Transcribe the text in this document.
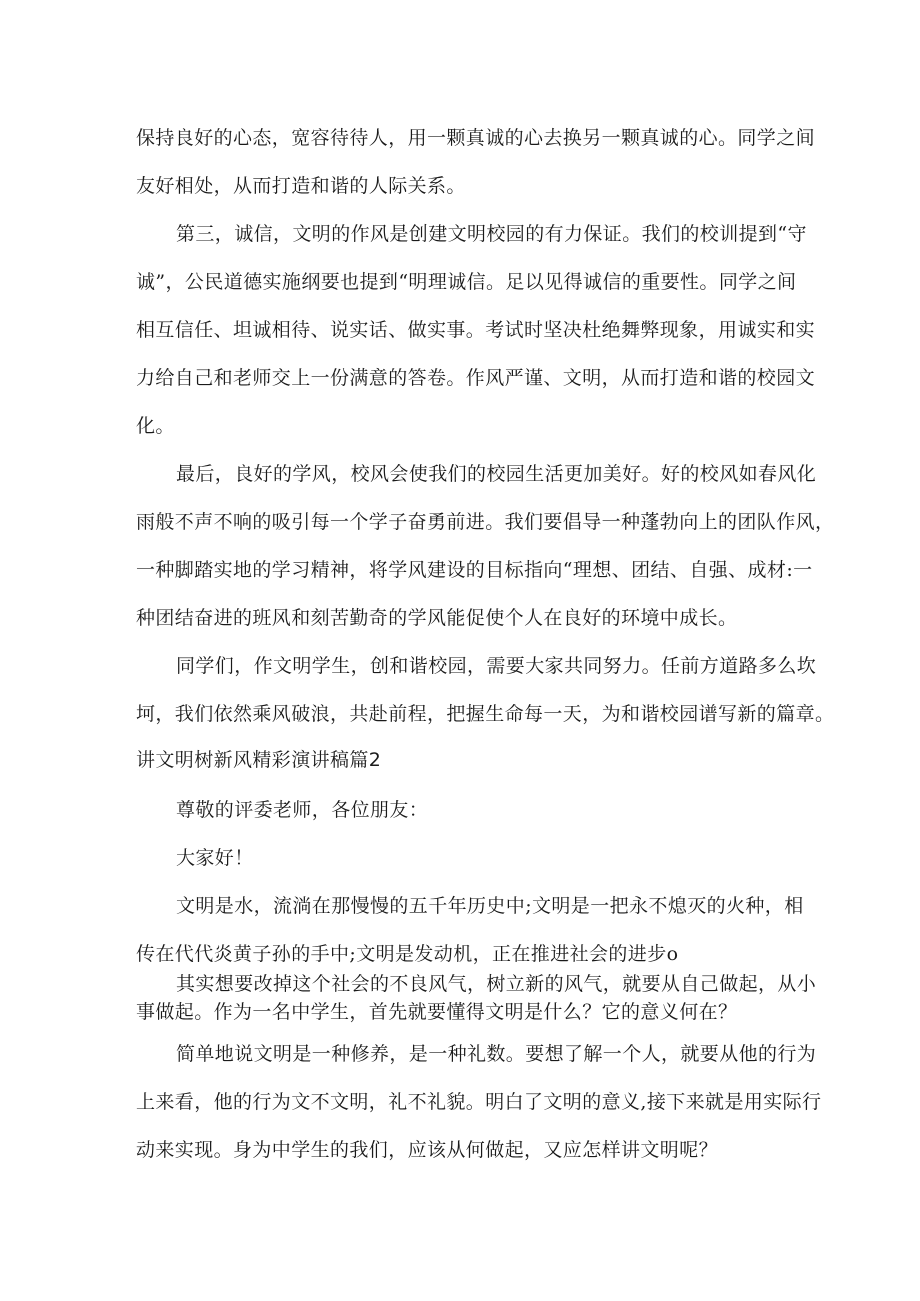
保持良好的心态，宽容待待人，用一颗真诚的心去换另一颗真诚的心。同学之间
友好相处，从而打造和谐的人际关系。
第三，诚信，文明的作风是创建文明校园的有力保证。我们的校训提到“守
诚”，公民道德实施纲要也提到“明理诚信。足以见得诚信的重要性。同学之间
相互信任、坦诚相待、说实话、做实事。考试时坚决杜绝舞弊现象，用诚实和实
力给自己和老师交上一份满意的答卷。作风严谨、文明，从而打造和谐的校园文
化。
最后，良好的学风，校风会使我们的校园生活更加美好。好的校风如春风化
雨般不声不响的吸引每一个学子奋勇前进。我们要倡导一种蓬勃向上的团队作风，
一种脚踏实地的学习精神，将学风建设的目标指向“理想、团结、自强、成材:一
种团结奋进的班风和刻苦勤奇的学风能促使个人在良好的环境中成长。
同学们，作文明学生，创和谐校园，需要大家共同努力。任前方道路多么坎
坷，我们依然乘风破浪，共赴前程，把握生命每一天，为和谐校园谱写新的篇章。
讲文明树新风精彩演讲稿篇2
尊敬的评委老师，各位朋友：
大家好！
文明是水，流淌在那慢慢的五千年历史中;文明是一把永不熄灭的火种，相
传在代代炎黄子孙的手中;文明是发动机，正在推进社会的进步o
其实想要改掉这个社会的不良风气，树立新的风气，就要从自己做起，从小
事做起。作为一名中学生，首先就要懂得文明是什么？它的意义何在？
简单地说文明是一种修养，是一种礼数。要想了解一个人，就要从他的行为
上来看，他的行为文不文明，礼不礼貌。明白了文明的意义,接下来就是用实际行
动来实现。身为中学生的我们，应该从何做起，又应怎样讲文明呢？
